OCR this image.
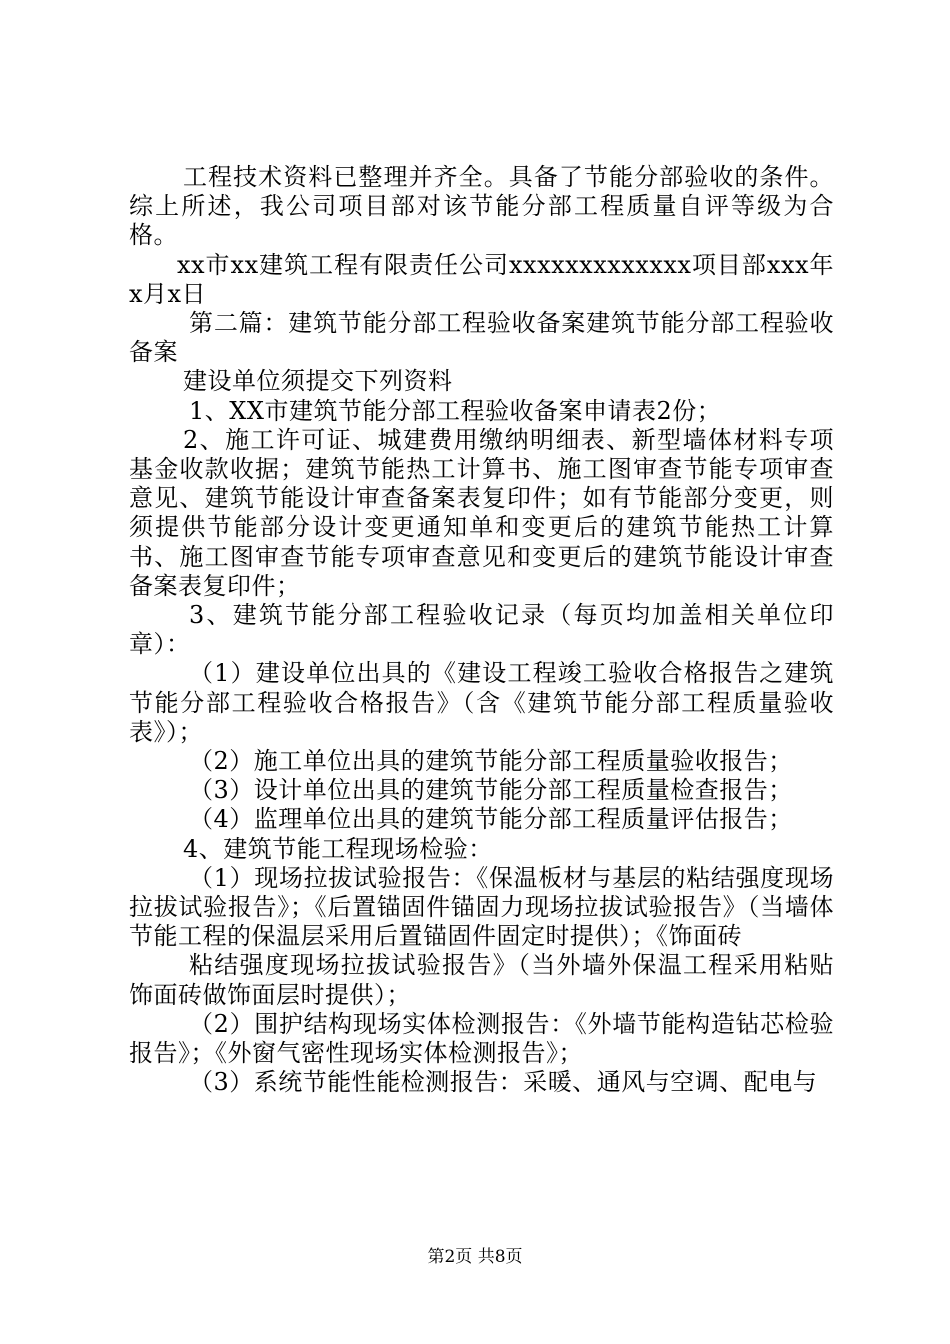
工程技术资料已整理并齐全。具备了节能分部验收的条件。综上所述，我公司项目部对该节能分部工程质量自评等级为合格。

xx市xx建筑工程有限责任公司xxxxxxxxxxxxx项目部xxx年x月x日

第二篇：建筑节能分部工程验收备案建筑节能分部工程验收备案

建设单位须提交下列资料

1、XX市建筑节能分部工程验收备案申请表2份；

2、施工许可证、城建费用缴纳明细表、新型墙体材料专项基金收款收据；建筑节能热工计算书、施工图审查节能专项审查意见、建筑节能设计审查备案表复印件；如有节能部分变更，则须提供节能部分设计变更通知单和变更后的建筑节能热工计算书、施工图审查节能专项审查意见和变更后的建筑节能设计审查备案表复印件；

3、建筑节能分部工程验收记录（每页均加盖相关单位印章）：

（1）建设单位出具的《建设工程竣工验收合格报告之建筑节能分部工程验收合格报告》（含《建筑节能分部工程质量验收表》）；

（2）施工单位出具的建筑节能分部工程质量验收报告；

（3）设计单位出具的建筑节能分部工程质量检查报告；

（4）监理单位出具的建筑节能分部工程质量评估报告；

4、建筑节能工程现场检验：

（1）现场拉拔试验报告：《保温板材与基层的粘结强度现场拉拔试验报告》；《后置锚固件锚固力现场拉拔试验报告》（当墙体节能工程的保温层采用后置锚固件固定时提供）；《饰面砖

粘结强度现场拉拔试验报告》（当外墙外保温工程采用粘贴饰面砖做饰面层时提供）；

（2）围护结构现场实体检测报告：《外墙节能构造钻芯检验报告》；《外窗气密性现场实体检测报告》；

（3）系统节能性能检测报告：采暖、通风与空调、配电与

第2页 共8页
